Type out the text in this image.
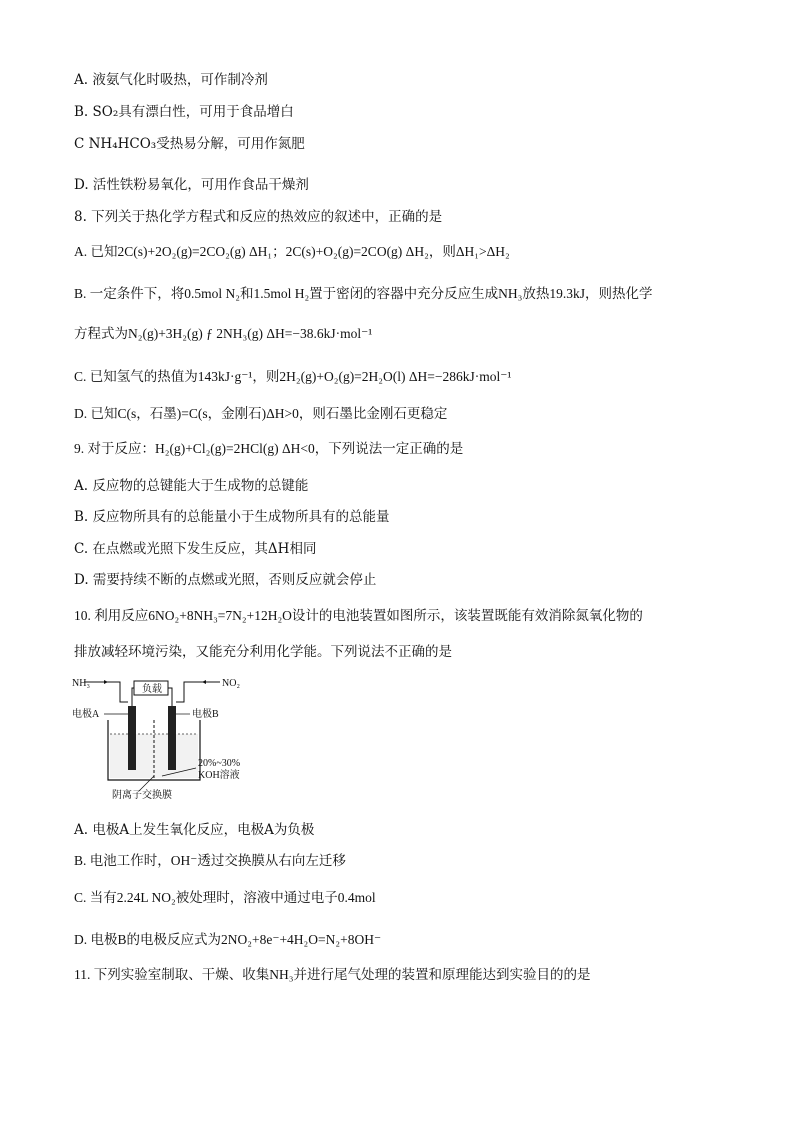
A. 液氨气化时吸热，可作制冷剂
B. SO₂具有漂白性，可用于食品增白
C NH₄HCO₃受热易分解，可用作氮肥
D. 活性铁粉易氧化，可用作食品干燥剂
8. 下列关于热化学方程式和反应的热效应的叙述中，正确的是
A. 已知2C(s)+2O₂(g)=2CO₂(g) ΔH₁；2C(s)+O₂(g)=2CO(g) ΔH₂，则ΔH₁>ΔH₂
B. 一定条件下，将0.5mol N₂和1.5mol H₂置于密闭的容器中充分反应生成NH₃放热19.3kJ，则热化学
方程式为N₂(g)+3H₂(g) ƒ 2NH₃(g) ΔH=−38.6kJ·mol⁻¹
C. 已知氢气的热值为143kJ·g⁻¹，则2H₂(g)+O₂(g)=2H₂O(l) ΔH=−286kJ·mol⁻¹
D. 已知C(s，石墨)=C(s，金刚石)ΔH>0，则石墨比金刚石更稳定
9. 对于反应：H₂(g)+Cl₂(g)=2HCl(g) ΔH<0，下列说法一定正确的是
A. 反应物的总键能大于生成物的总键能
B. 反应物所具有的总能量小于生成物所具有的总能量
C. 在点燃或光照下发生反应，其ΔH相同
D. 需要持续不断的点燃或光照，否则反应就会停止
10. 利用反应6NO₂+8NH₃=7N₂+12H₂O设计的电池装置如图所示，该装置既能有效消除氮氧化物的
排放减轻环境污染，又能充分利用化学能。下列说法不正确的是
NH₃
负载
NO₂
电极A	电极B
20%~30%
KOH溶液
阴离子交换膜
A. 电极A上发生氧化反应，电极A为负极
B. 电池工作时，OH⁻透过交换膜从右向左迁移
C. 当有2.24L NO₂被处理时，溶液中通过电子0.4mol
D. 电极B的电极反应式为2NO₂+8e⁻+4H₂O=N₂+8OH⁻
11. 下列实验室制取、干燥、收集NH₃并进行尾气处理的装置和原理能达到实验目的的是
